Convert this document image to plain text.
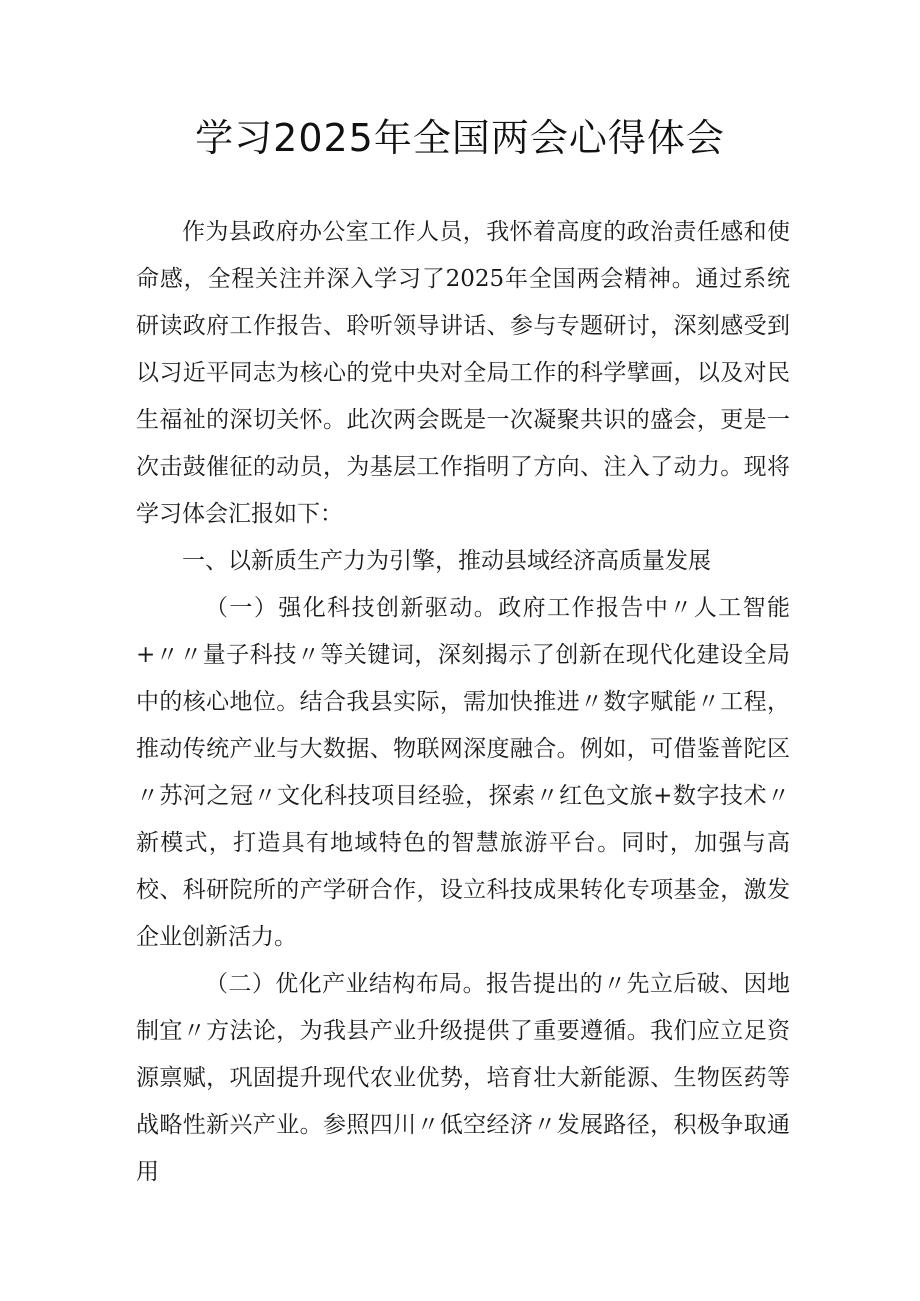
学习2025年全国两会心得体会

作为县政府办公室工作人员，我怀着高度的政治责任感和使命感，全程关注并深入学习了2025年全国两会精神。通过系统研读政府工作报告、聆听领导讲话、参与专题研讨，深刻感受到以习近平同志为核心的党中央对全局工作的科学擘画，以及对民生福祉的深切关怀。此次两会既是一次凝聚共识的盛会，更是一次击鼓催征的动员，为基层工作指明了方向、注入了动力。现将学习体会汇报如下：

一、以新质生产力为引擎，推动县域经济高质量发展

（一）强化科技创新驱动。政府工作报告中〃人工智能+〃〃量子科技〃等关键词，深刻揭示了创新在现代化建设全局中的核心地位。结合我县实际，需加快推进〃数字赋能〃工程，推动传统产业与大数据、物联网深度融合。例如，可借鉴普陀区〃苏河之冠〃文化科技项目经验，探索〃红色文旅+数字技术〃新模式，打造具有地域特色的智慧旅游平台。同时，加强与高校、科研院所的产学研合作，设立科技成果转化专项基金，激发企业创新活力。

（二）优化产业结构布局。报告提出的〃先立后破、因地制宜〃方法论，为我县产业升级提供了重要遵循。我们应立足资源禀赋，巩固提升现代农业优势，培育壮大新能源、生物医药等战略性新兴产业。参照四川〃低空经济〃发展路径，积极争取通用
